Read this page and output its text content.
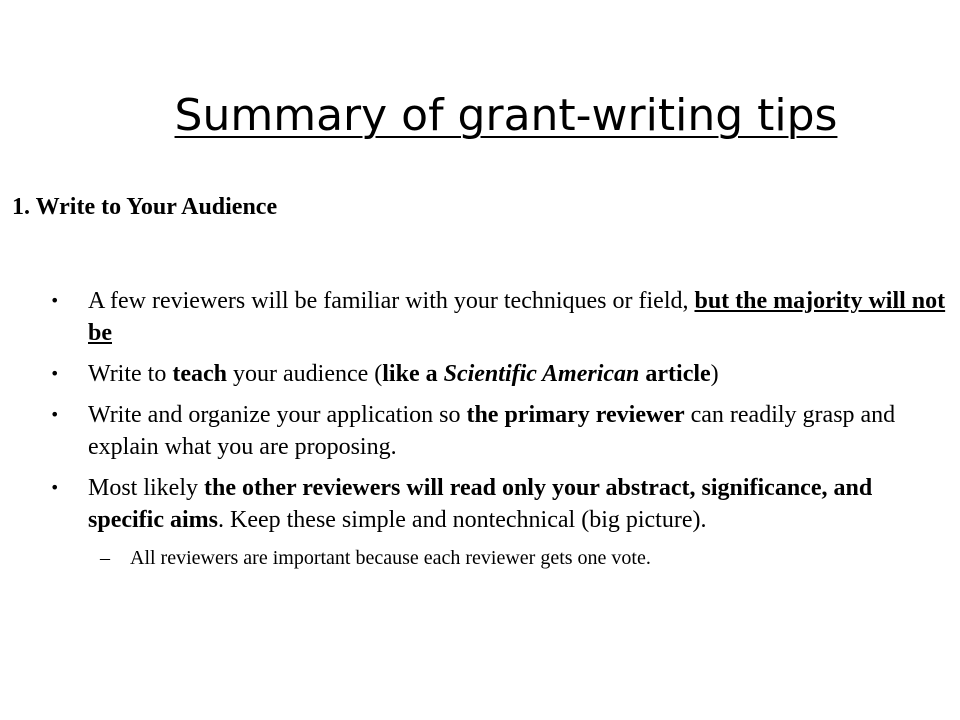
Summary of grant-writing tips

1. Write to Your Audience

• A few reviewers will be familiar with your techniques or field, but the majority will not be
• Write to teach your audience (like a Scientific American article)
• Write and organize your application so the primary reviewer can readily grasp and explain what you are proposing.
• Most likely the other reviewers will read only your abstract, significance, and specific aims. Keep these simple and nontechnical (big picture).
– All reviewers are important because each reviewer gets one vote.
